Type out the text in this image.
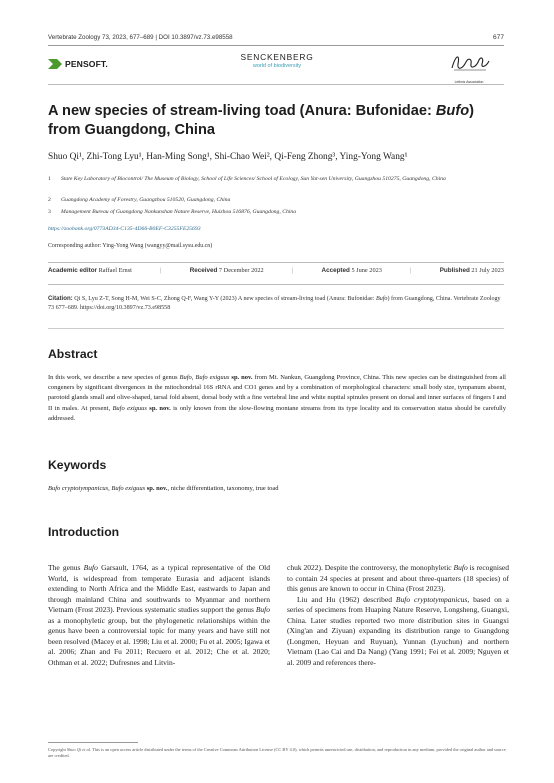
Vertebrate Zoology 73, 2023, 677–689 | DOI 10.3897/vz.73.e98558	677
PENSOFT.
SENCKENBERG
world of biodiversity
Leibniz Association
A new species of stream-living toad (Anura: Bufonidae: Bufo) from Guangdong, China
Shuo Qi¹, Zhi-Tong Lyu¹, Han-Ming Song¹, Shi-Chao Wei², Qi-Feng Zhong³, Ying-Yong Wang¹
1 State Key Laboratory of Biocontrol/ The Museum of Biology, School of Life Sciences/ School of Ecology, Sun Yat-sen University, Guangzhou 510275, Guangdong, China
2 Guangdong Academy of Forestry, Guangzhou 510520, Guangdong, China
3 Management Bureau of Guangdong Nankunshan Nature Reserve, Huizhou 516876, Guangdong, China
https://zoobank.org/0773AD34-C135-4D66-B0EF-C3255FE25693
Corresponding author: Ying-Yong Wang (wangyy@mail.sysu.edu.cn)
Academic editor Raffael Ernst	|	Received 7 December 2022	|	Accepted 5 June 2023	|	Published 21 July 2023
Citation: Qi S, Lyu Z-T, Song H-M, Wei S-C, Zhong Q-F, Wang Y-Y (2023) A new species of stream-living toad (Anura: Bufonidae: Bufo) from Guangdong, China. Vertebrate Zoology 73 677–689. https://doi.org/10.3897/vz.73.e98558
Abstract
In this work, we describe a new species of genus Bufo, Bufo exiguus sp. nov. from Mt. Nankun, Guangdong Province, China. This new species can be distinguished from all congeners by significant divergences in the mitochondrial 16S rRNA and CO1 genes and by a combination of morphological characters: small body size, tympanum absent, parotoid glands small and olive-shaped, tarsal fold absent, dorsal body with a fine vertebral line and white nuptial spinules present on dorsal and inner surfaces of fingers I and II in males. At present, Bufo exiguus sp. nov. is only known from the slow-flowing montane streams from its type locality and its conservation status should be carefully addressed.
Keywords
Bufo cryptotympanicus, Bufo exiguus sp. nov., niche differentiation, taxonomy, true toad
Introduction
The genus Bufo Garsault, 1764, as a typical representative of the Old World, is widespread from temperate Eurasia and adjacent islands extending to North Africa and the Middle East, eastwards to Japan and through mainland China and southwards to Myanmar and northern Vietnam (Frost 2023). Previous systematic studies support the genus Bufo as a monophyletic group, but the phylogenetic relationships within the genus have been a controversial topic for many years and have still not been resolved (Macey et al. 1998; Liu et al. 2000; Fu et al. 2005; Igawa et al. 2006; Zhan and Fu 2011; Recuero et al. 2012; Che et al. 2020; Othman et al. 2022; Dufresnes and Litvin-
chuk 2022). Despite the controversy, the monophyletic Bufo is recognised to contain 24 species at present and about three-quarters (18 species) of this genus are known to occur in China (Frost 2023).
Liu and Hu (1962) described Bufo cryptotympanicus, based on a series of specimens from Huaping Nature Reserve, Longsheng, Guangxi, China. Later studies reported two more distribution sites in Guangxi (Xing'an and Ziyuan) expanding its distribution range to Guangdong (Longmen, Heyuan and Ruyuan), Yunnan (Lyuchun) and northern Vietnam (Lao Cai and Da Nang) (Yang 1991; Fei et al. 2009; Nguyen et al. 2009 and references there-
Copyright Shuo Qi et al. This is an open access article distributed under the terms of the Creative Commons Attribution License (CC BY 4.0), which permits unrestricted use, distribution, and reproduction in any medium, provided the original author and source are credited.
